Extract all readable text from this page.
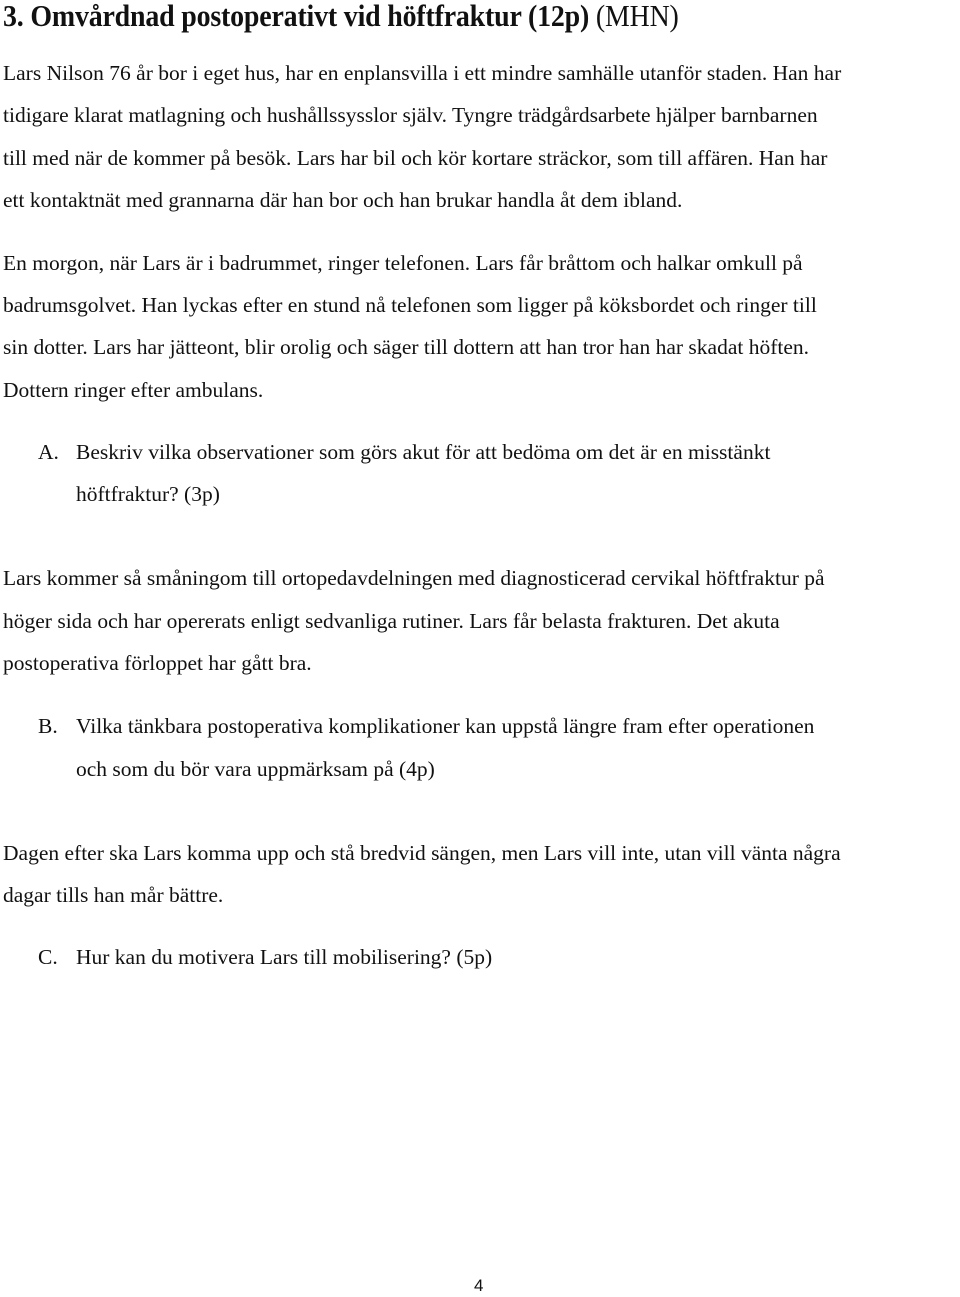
3. Omvårdnad postoperativt vid höftfraktur (12p) (MHN)
Lars Nilson 76 år bor i eget hus, har en enplansvilla i ett mindre samhälle utanför staden. Han har
tidigare klarat matlagning och hushållssysslor själv. Tyngre trädgårdsarbete hjälper barnbarnen
till med när de kommer på besök. Lars har bil och kör kortare sträckor, som till affären. Han har
ett kontaktnät med grannarna där han bor och han brukar handla åt dem ibland.
En morgon, när Lars är i badrummet, ringer telefonen. Lars får bråttom och halkar omkull på
badrumsgolvet. Han lyckas efter en stund nå telefonen som ligger på köksbordet och ringer till
sin dotter. Lars har jätteont, blir orolig och säger till dottern att han tror han har skadat höften.
Dottern ringer efter ambulans.
A. Beskriv vilka observationer som görs akut för att bedöma om det är en misstänkt
höftfraktur? (3p)
Lars kommer så småningom till ortopedavdelningen med diagnosticerad cervikal höftfraktur på
höger sida och har opererats enligt sedvanliga rutiner. Lars får belasta frakturen. Det akuta
postoperativa förloppet har gått bra.
B. Vilka tänkbara postoperativa komplikationer kan uppstå längre fram efter operationen
och som du bör vara uppmärksam på (4p)
Dagen efter ska Lars komma upp och stå bredvid sängen, men Lars vill inte, utan vill vänta några
dagar tills han mår bättre.
C. Hur kan du motivera Lars till mobilisering? (5p)
4
